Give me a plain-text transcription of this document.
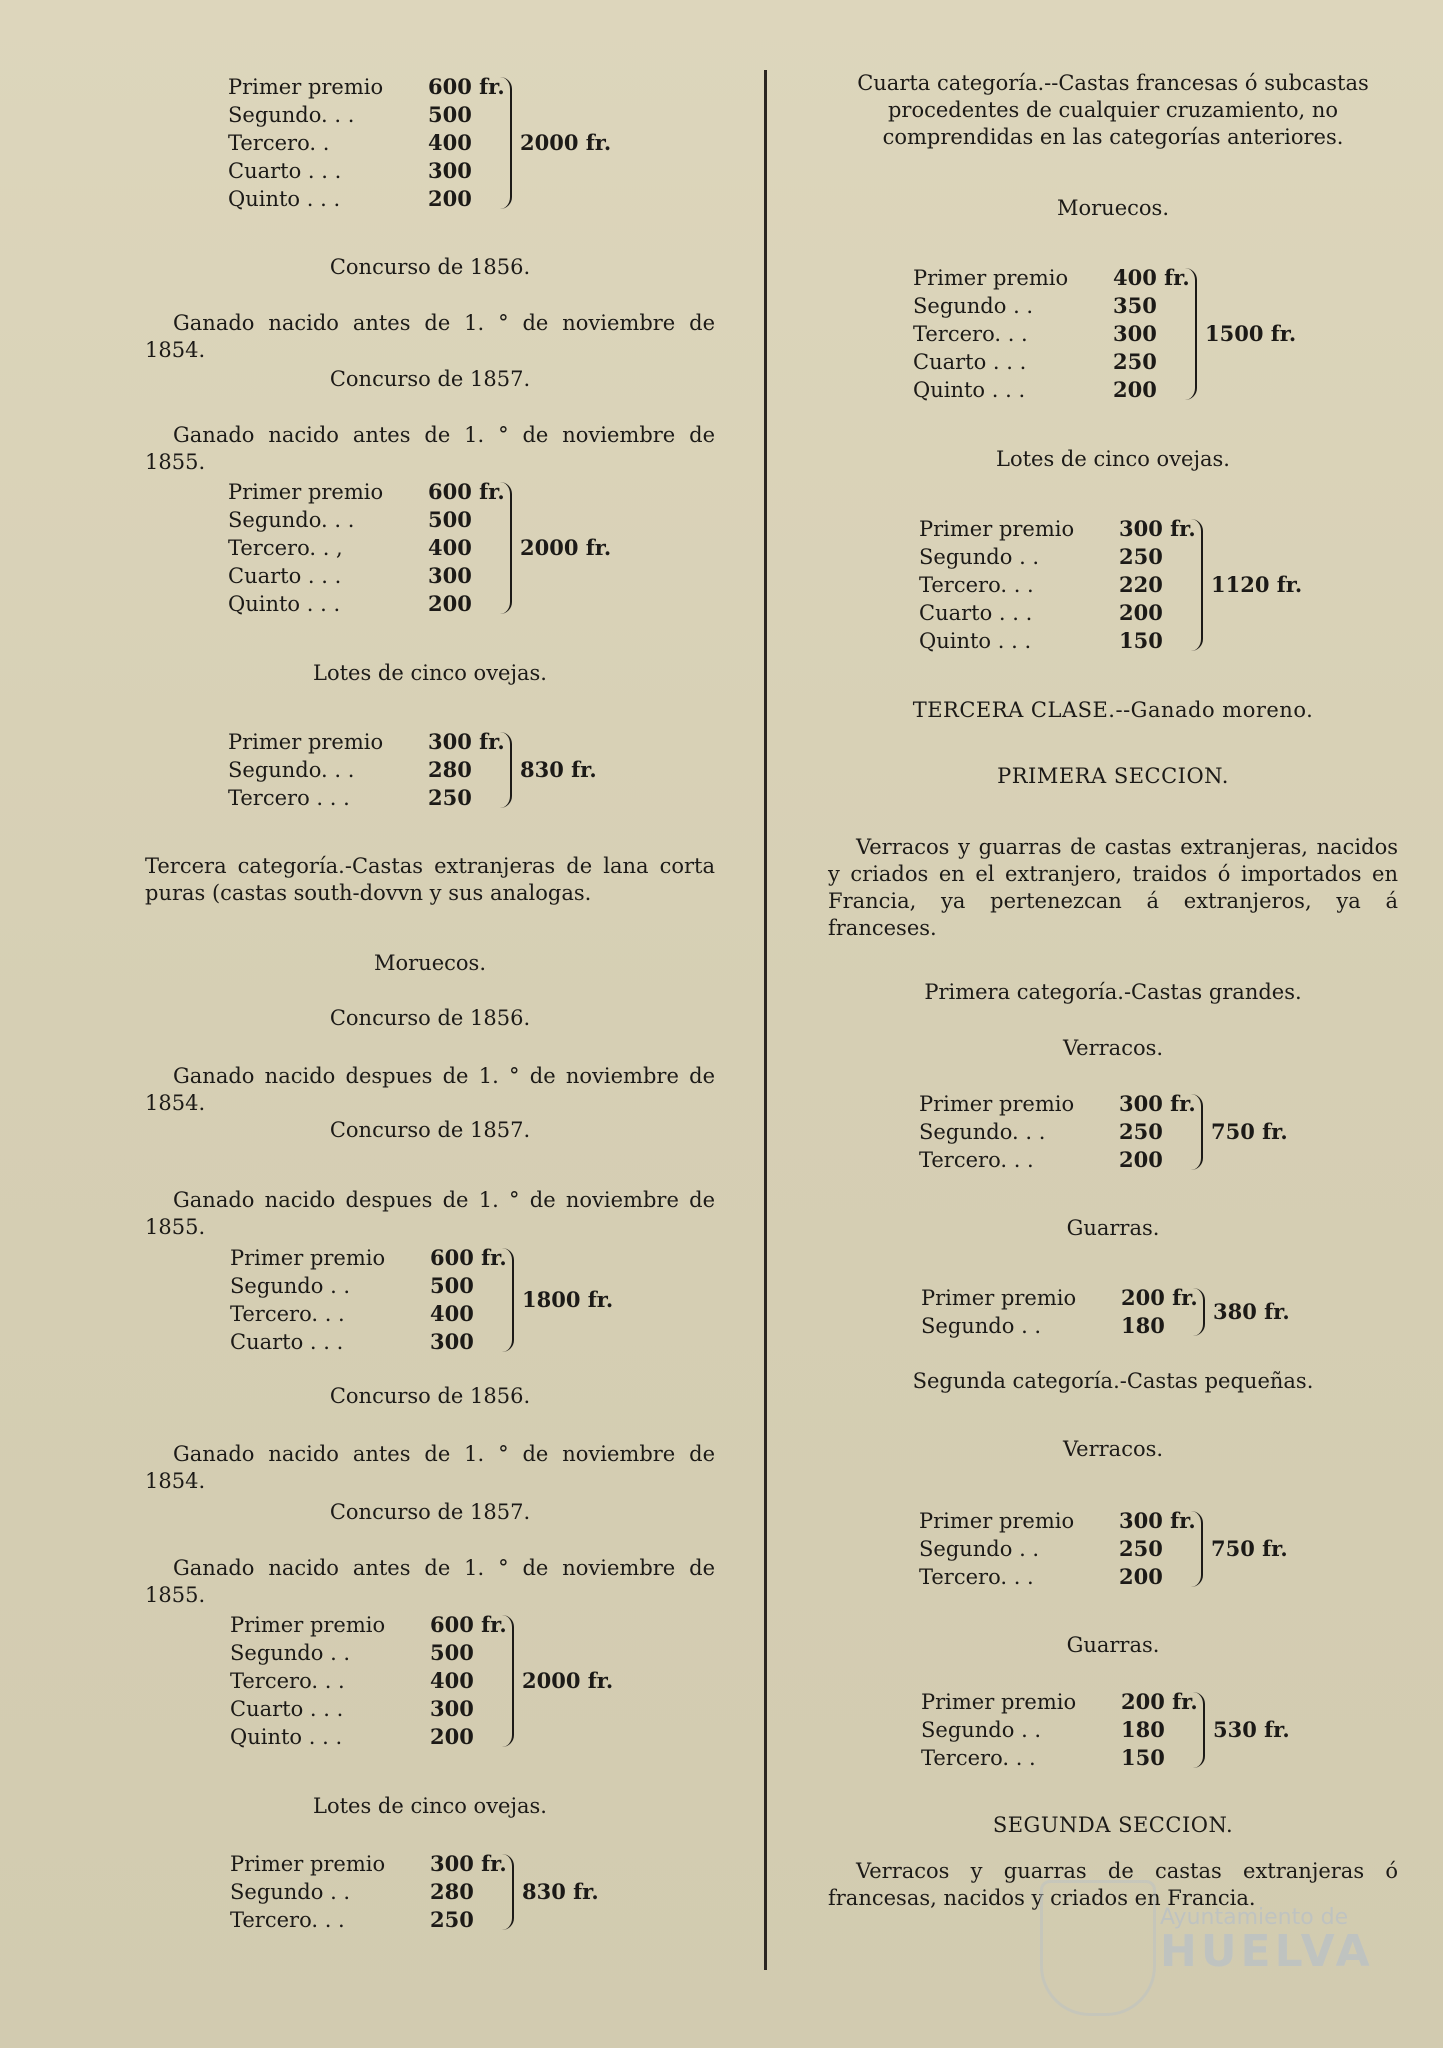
Primer premio	600 fr.
Segundo. . .	500
Tercero. .	400
Cuarto . . .	300
Quinto . . .	200
2000 fr.
Concurso de 1856.
Ganado nacido antes de 1. ° de noviembre de 1854.
Concurso de 1857.
Ganado nacido antes de 1. ° de noviembre de 1855.
Primer premio	600 fr.
Segundo. . .	500
Tercero. . ,	400
Cuarto . . .	300
Quinto . . .	200
2000 fr.
Lotes de cinco ovejas.
Primer premio	300 fr.
Segundo. . .	280
Tercero . . .	250
830 fr.
Tercera categoría.-Castas extranjeras de lana corta puras (castas south-dovvn y sus analogas.
Moruecos.
Concurso de 1856.
Ganado nacido despues de 1. ° de noviembre de 1854.
Concurso de 1857.
Ganado nacido despues de 1. ° de noviembre de 1855.
Primer premio	600 fr.
Segundo . .	500
Tercero. . .	400
Cuarto . . .	300
1800 fr.
Concurso de 1856.
Ganado nacido antes de 1. ° de noviembre de 1854.
Concurso de 1857.
Ganado nacido antes de 1. ° de noviembre de 1855.
Primer premio	600 fr.
Segundo . .	500
Tercero. . .	400
Cuarto . . .	300
Quinto . . .	200
2000 fr.
Lotes de cinco ovejas.
Primer premio	300 fr.
Segundo . .	280
Tercero. . .	250
830 fr.
Cuarta categoría.--Castas francesas ó subcastas procedentes de cualquier cruzamiento, no comprendidas en las categorías anteriores.
Moruecos.
Primer premio	400 fr.
Segundo . .	350
Tercero. . .	300
Cuarto . . .	250
Quinto . . .	200
1500 fr.
Lotes de cinco ovejas.
Primer premio	300 fr.
Segundo . .	250
Tercero. . .	220
Cuarto . . .	200
Quinto . . .	150
1120 fr.
TERCERA CLASE.--Ganado moreno.
PRIMERA SECCION.
Verracos y guarras de castas extranjeras, nacidos y criados en el extranjero, traidos ó importados en Francia, ya pertenezcan á extranjeros, ya á franceses.
Primera categoría.-Castas grandes.
Verracos.
Primer premio	300 fr.
Segundo. . .	250
Tercero. . .	200
750 fr.
Guarras.
Primer premio	200 fr.
Segundo . .	180
380 fr.
Segunda categoría.-Castas pequeñas.
Verracos.
Primer premio	300 fr.
Segundo . .	250
Tercero. . .	200
750 fr.
Guarras.
Primer premio	200 fr.
Segundo . .	180
Tercero. . .	150
530 fr.
SEGUNDA SECCION.
Verracos y guarras de castas extranjeras ó francesas, nacidos y criados en Francia.
Ayuntamiento de
HUELVA
